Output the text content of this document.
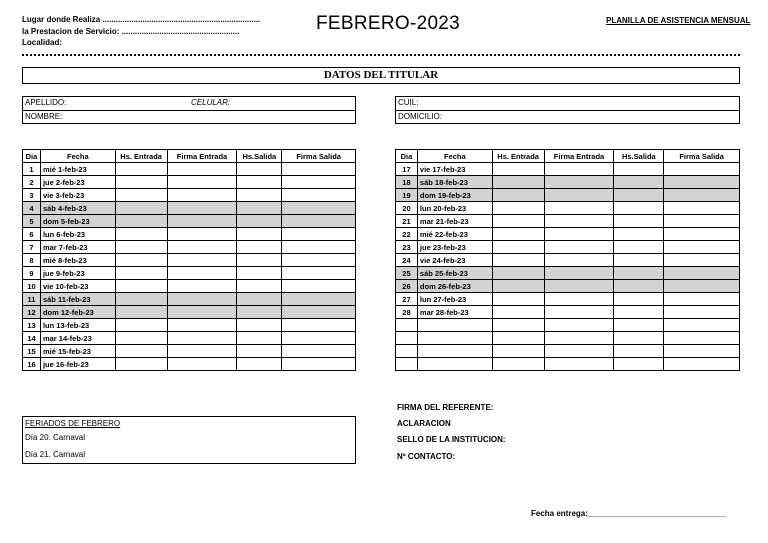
Lugar donde Realiza .......................................................................
la Prestacion de Servicio: .....................................................
Localidad:
FEBRERO-2023	PLANILLA DE ASISTENCIA MENSUAL
DATOS DEL TITULAR
APELLIDO:	CELULAR:
NOMBRE:
CUIL:
DOMICILIO:
Dia	Fecha	Hs. Entrada	Firma Entrada	Hs.Salida	Firma Salida
1	mié 1-feb-23				
2	jue 2-feb-23				
3	vie 3-feb-23				
4	sáb 4-feb-23				
5	dom 5-feb-23				
6	lun 6-feb-23				
7	mar 7-feb-23				
8	mié 8-feb-23				
9	jue 9-feb-23				
10	vie 10-feb-23				
11	sáb 11-feb-23				
12	dom 12-feb-23				
13	lun 13-feb-23				
14	mar 14-feb-23				
15	mié 15-feb-23				
16	jue 16-feb-23				
Dia	Fecha	Hs. Entrada	Firma Entrada	Hs.Salida	Firma Salida
17	vie 17-feb-23				
18	sáb 18-feb-23				
19	dom 19-feb-23				
20	lun 20-feb-23				
21	mar 21-feb-23				
22	mié 22-feb-23				
23	jue 23-feb-23				
24	vie 24-feb-23				
25	sáb 25-feb-23				
26	dom 26-feb-23				
27	lun 27-feb-23				
28	mar 28-feb-23				

FERIADOS DE FEBRERO
Día 20. Carnaval
Día 21. Carnaval
FIRMA DEL REFERENTE:
ACLARACION
SELLO DE LA INSTITUCION:
Nº CONTACTO:
Fecha entrega:_______________________________
